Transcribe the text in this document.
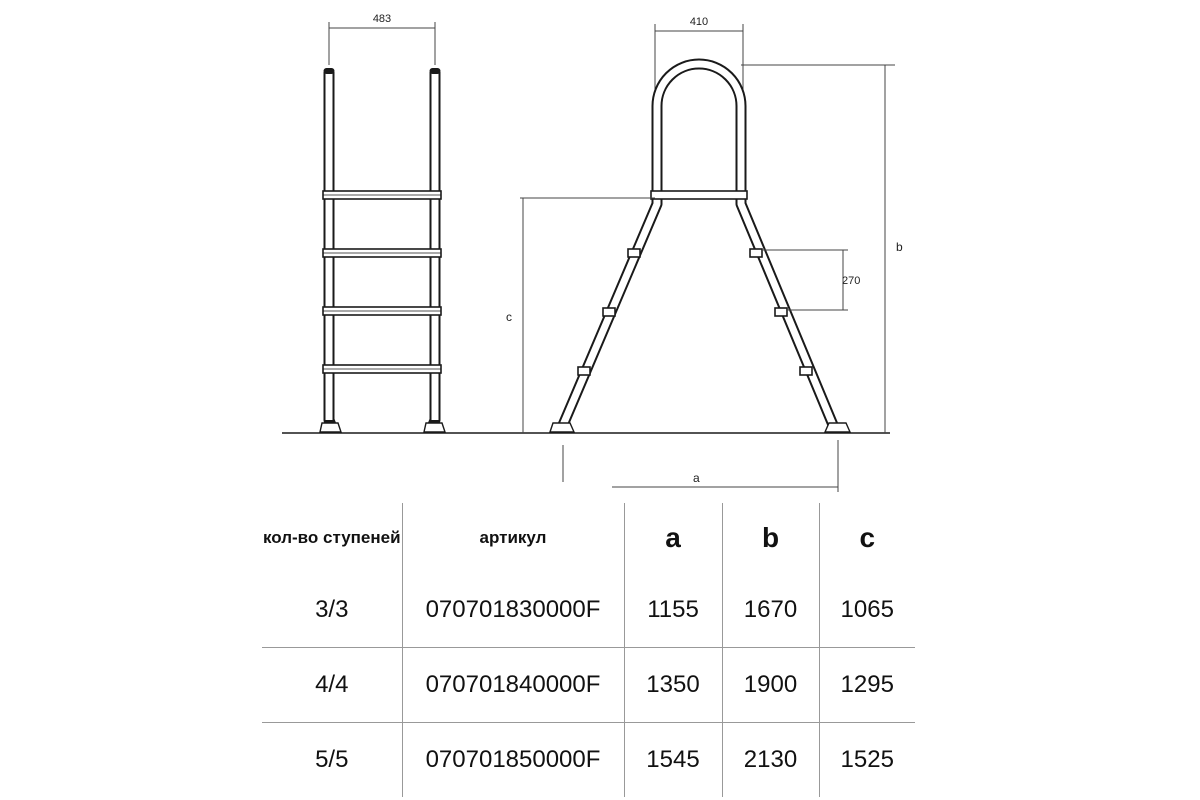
483	410
b
c
270
a
кол-во ступеней	артикул	a	b	c
3/3	070701830000F	1155	1670	1065
4/4	070701840000F	1350	1900	1295
5/5	070701850000F	1545	2130	1525
